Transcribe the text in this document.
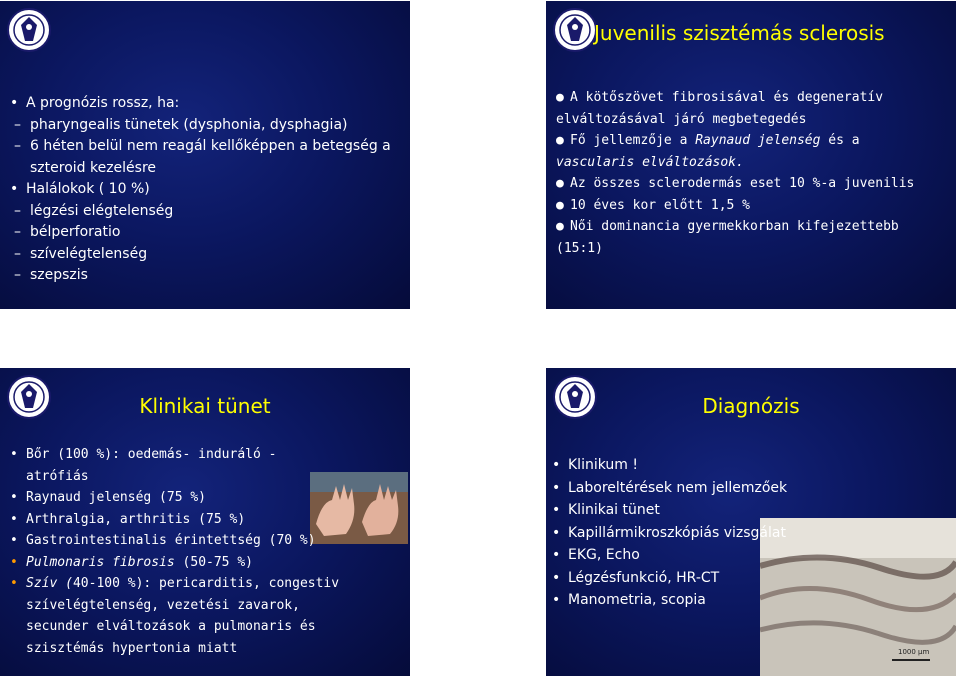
• A prognózis rossz, ha:
– pharyngealis tünetek (dysphonia, dysphagia)
– 6 héten belül nem reagál kellőképpen a betegség a szteroid kezelésre
• Halálokok ( 10 %)
– légzési elégtelenség
– bélperforatio
– szívelégtelenség
– szepszis
Juvenilis szisztémás sclerosis
● A kötőszövet fibrosisával és degeneratív
elváltozásával járó megbetegedés
● Fő jellemzője a Raynaud jelenség és a
vascularis elváltozások.
● Az összes sclerodermás eset 10 %-a juvenilis
● 10 éves kor előtt 1,5 %
● Női dominancia gyermekkorban kifejezettebb
(15:1)
Klinikai tünet
• Bőr (100 %): oedemás- induráló -
atrófiás
• Raynaud jelenség (75 %)
• Arthralgia, arthritis (75 %)
• Gastrointestinalis érintettség (70 %)
• Pulmonaris fibrosis (50-75 %)
• Szív (40-100 %): pericarditis, congestiv
szívelégtelenség, vezetési zavarok,
secunder elváltozások a pulmonaris és
szisztémás hypertonia miatt
Diagnózis
1000 µm
• Klinikum !
• Laboreltérések nem jellemzőek
• Klinikai tünet
• Kapillármikroszkópiás vizsgálat
• EKG, Echo
• Légzésfunkció, HR-CT
• Manometria, scopia
